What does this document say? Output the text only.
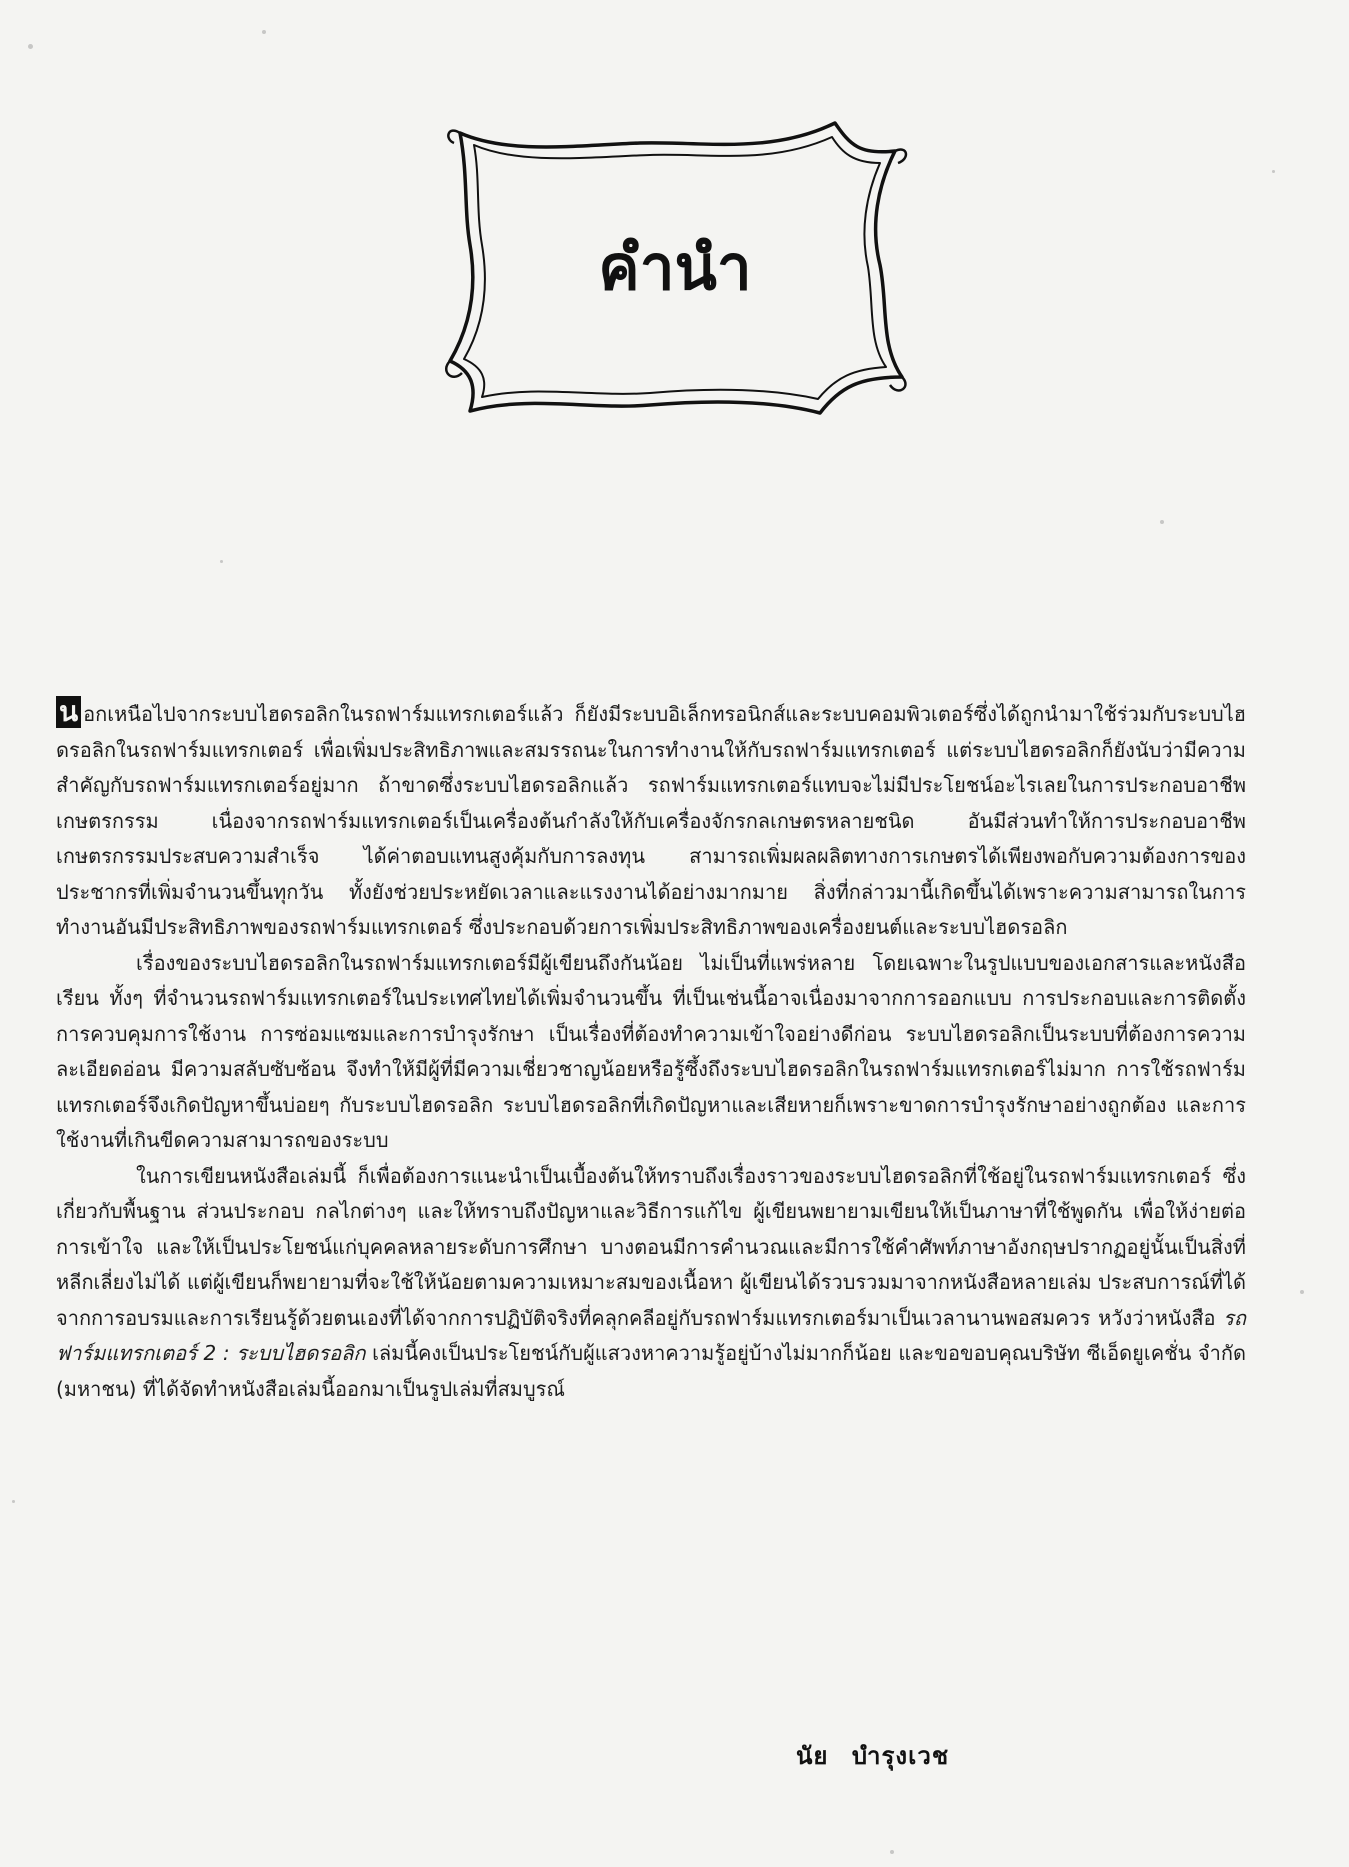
คำนำ

น อกเหนือไปจากระบบไฮดรอลิกในรถฟาร์มแทรกเตอร์แล้ว ก็ยังมีระบบอิเล็กทรอนิกส์และระบบคอมพิวเตอร์ซึ่งได้ถูกนำมาใช้ร่วมกับระบบไฮดรอลิกในรถฟาร์มแทรกเตอร์ เพื่อเพิ่มประสิทธิภาพและสมรรถนะในการทำงานให้กับรถฟาร์มแทรกเตอร์ แต่ระบบไฮดรอลิกก็ยังนับว่ามีความสำคัญกับรถฟาร์มแทรกเตอร์อยู่มาก ถ้าขาดซึ่งระบบไฮดรอลิกแล้ว รถฟาร์มแทรกเตอร์แทบจะไม่มีประโยชน์อะไรเลยในการประกอบอาชีพเกษตรกรรม เนื่องจากรถฟาร์มแทรกเตอร์เป็นเครื่องต้นกำลังให้กับเครื่องจักรกลเกษตรหลายชนิด อันมีส่วนทำให้การประกอบอาชีพเกษตรกรรมประสบความสำเร็จ ได้ค่าตอบแทนสูงคุ้มกับการลงทุน สามารถเพิ่มผลผลิตทางการเกษตรได้เพียงพอกับความต้องการของประชากรที่เพิ่มจำนวนขึ้นทุกวัน ทั้งยังช่วยประหยัดเวลาและแรงงานได้อย่างมากมาย สิ่งที่กล่าวมานี้เกิดขึ้นได้เพราะความสามารถในการทำงานอันมีประสิทธิภาพของรถฟาร์มแทรกเตอร์ ซึ่งประกอบด้วยการเพิ่มประสิทธิภาพของเครื่องยนต์และระบบไฮดรอลิก

เรื่องของระบบไฮดรอลิกในรถฟาร์มแทรกเตอร์มีผู้เขียนถึงกันน้อย ไม่เป็นที่แพร่หลาย โดยเฉพาะในรูปแบบของเอกสารและหนังสือเรียน ทั้งๆ ที่จำนวนรถฟาร์มแทรกเตอร์ในประเทศไทยได้เพิ่มจำนวนขึ้น ที่เป็นเช่นนี้อาจเนื่องมาจากการออกแบบ การประกอบและการติดตั้ง การควบคุมการใช้งาน การซ่อมแซมและการบำรุงรักษา เป็นเรื่องที่ต้องทำความเข้าใจอย่างดีก่อน ระบบไฮดรอลิกเป็นระบบที่ต้องการความละเอียดอ่อน มีความสลับซับซ้อน จึงทำให้มีผู้ที่มีความเชี่ยวชาญน้อยหรือรู้ซึ้งถึงระบบไฮดรอลิกในรถฟาร์มแทรกเตอร์ไม่มาก การใช้รถฟาร์มแทรกเตอร์จึงเกิดปัญหาขึ้นบ่อยๆ กับระบบไฮดรอลิก ระบบไฮดรอลิกที่เกิดปัญหาและเสียหายก็เพราะขาดการบำรุงรักษาอย่างถูกต้อง และการใช้งานที่เกินขีดความสามารถของระบบ

ในการเขียนหนังสือเล่มนี้ ก็เพื่อต้องการแนะนำเป็นเบื้องต้นให้ทราบถึงเรื่องราวของระบบไฮดรอลิกที่ใช้อยู่ในรถฟาร์มแทรกเตอร์ ซึ่งเกี่ยวกับพื้นฐาน ส่วนประกอบ กลไกต่างๆ และให้ทราบถึงปัญหาและวิธีการแก้ไข ผู้เขียนพยายามเขียนให้เป็นภาษาที่ใช้พูดกัน เพื่อให้ง่ายต่อการเข้าใจ และให้เป็นประโยชน์แก่บุคคลหลายระดับการศึกษา บางตอนมีการคำนวณและมีการใช้คำศัพท์ภาษาอังกฤษปรากฏอยู่นั้นเป็นสิ่งที่หลีกเลี่ยงไม่ได้ แต่ผู้เขียนก็พยายามที่จะใช้ให้น้อยตามความเหมาะสมของเนื้อหา ผู้เขียนได้รวบรวมมาจากหนังสือหลายเล่ม ประสบการณ์ที่ได้จากการอบรมและการเรียนรู้ด้วยตนเองที่ได้จากการปฏิบัติจริงที่คลุกคลีอยู่กับรถฟาร์มแทรกเตอร์มาเป็นเวลานานพอสมควร หวังว่าหนังสือ รถฟาร์มแทรกเตอร์ 2 : ระบบไฮดรอลิก เล่มนี้คงเป็นประโยชน์กับผู้แสวงหาความรู้อยู่บ้างไม่มากก็น้อย และขอขอบคุณบริษัท ซีเอ็ดยูเคชั่น จำกัด (มหาชน) ที่ได้จัดทำหนังสือเล่มนี้ออกมาเป็นรูปเล่มที่สมบูรณ์

นัย บำรุงเวช
